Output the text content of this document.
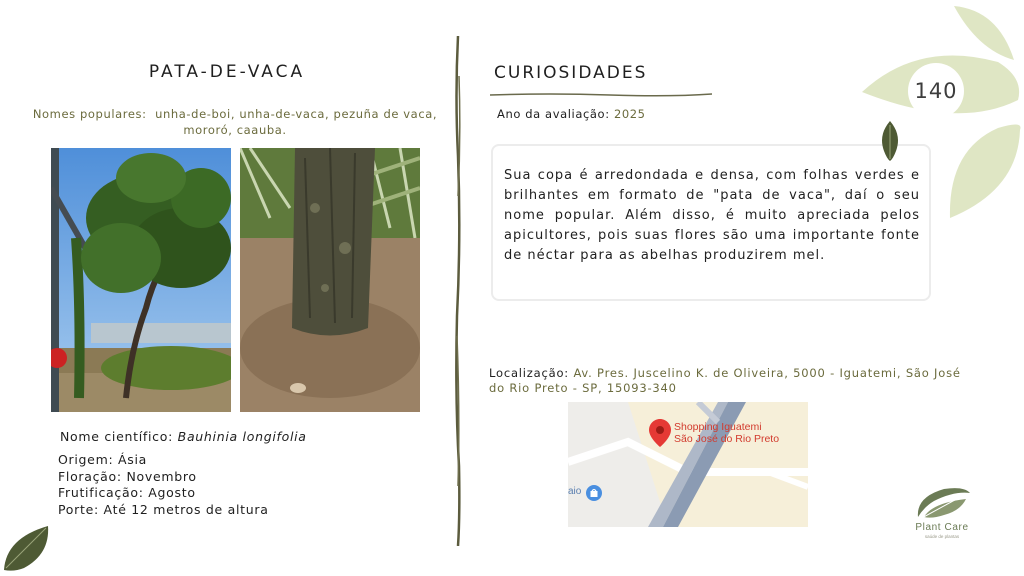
PATA-DE-VACA
Nomes populares: unha-de-boi, unha-de-vaca, pezuña de vaca, mororó, caauba.
Nome científico: Bauhinia longifolia
Origem: Ásia
Floração: Novembro
Frutificação: Agosto
Porte: Até 12 metros de altura
CURIOSIDADES
Ano da avaliação: 2025

Sua copa é arredondada e densa, com folhas verdes e brilhantes em formato de "pata de vaca", daí o seu nome popular. Além disso, é muito apreciada pelos apicultores, pois suas flores são uma importante fonte de néctar para as abelhas produzirem mel.

Localização: Av. Pres. Juscelino K. de Oliveira, 5000 - Iguatemi, São José do Rio Preto - SP, 15093-340
Shopping Iguatemi
São José do Rio Preto
aio
140
Plant Care
saúde de plantas
